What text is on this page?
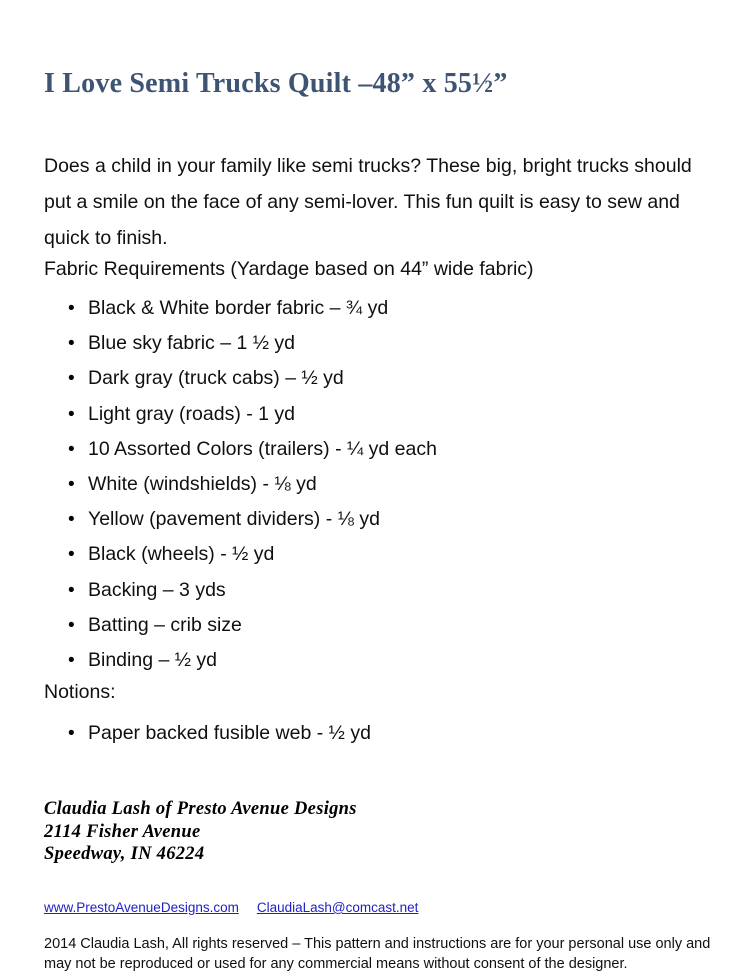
I Love Semi Trucks Quilt –48” x 55½”

Does a child in your family like semi trucks? These big, bright trucks should put a smile on the face of any semi-lover. This fun quilt is easy to sew and quick to finish.

Fabric Requirements (Yardage based on 44” wide fabric)
• Black & White border fabric – ¾ yd
• Blue sky fabric – 1 ½ yd
• Dark gray (truck cabs) – ½ yd
• Light gray (roads) - 1 yd
• 10 Assorted Colors (trailers) - ¼ yd each
• White (windshields) - ⅛ yd
• Yellow (pavement dividers) - ⅛ yd
• Black (wheels) - ½ yd
• Backing – 3 yds
• Batting – crib size
• Binding – ½ yd
Notions:
• Paper backed fusible web - ½ yd
Claudia Lash of Presto Avenue Designs
2114 Fisher Avenue
Speedway, IN 46224
www.PrestoAvenueDesigns.com ClaudiaLash@comcast.net

2014 Claudia Lash, All rights reserved – This pattern and instructions are for your personal use only and may not be reproduced or used for any commercial means without consent of the designer.
